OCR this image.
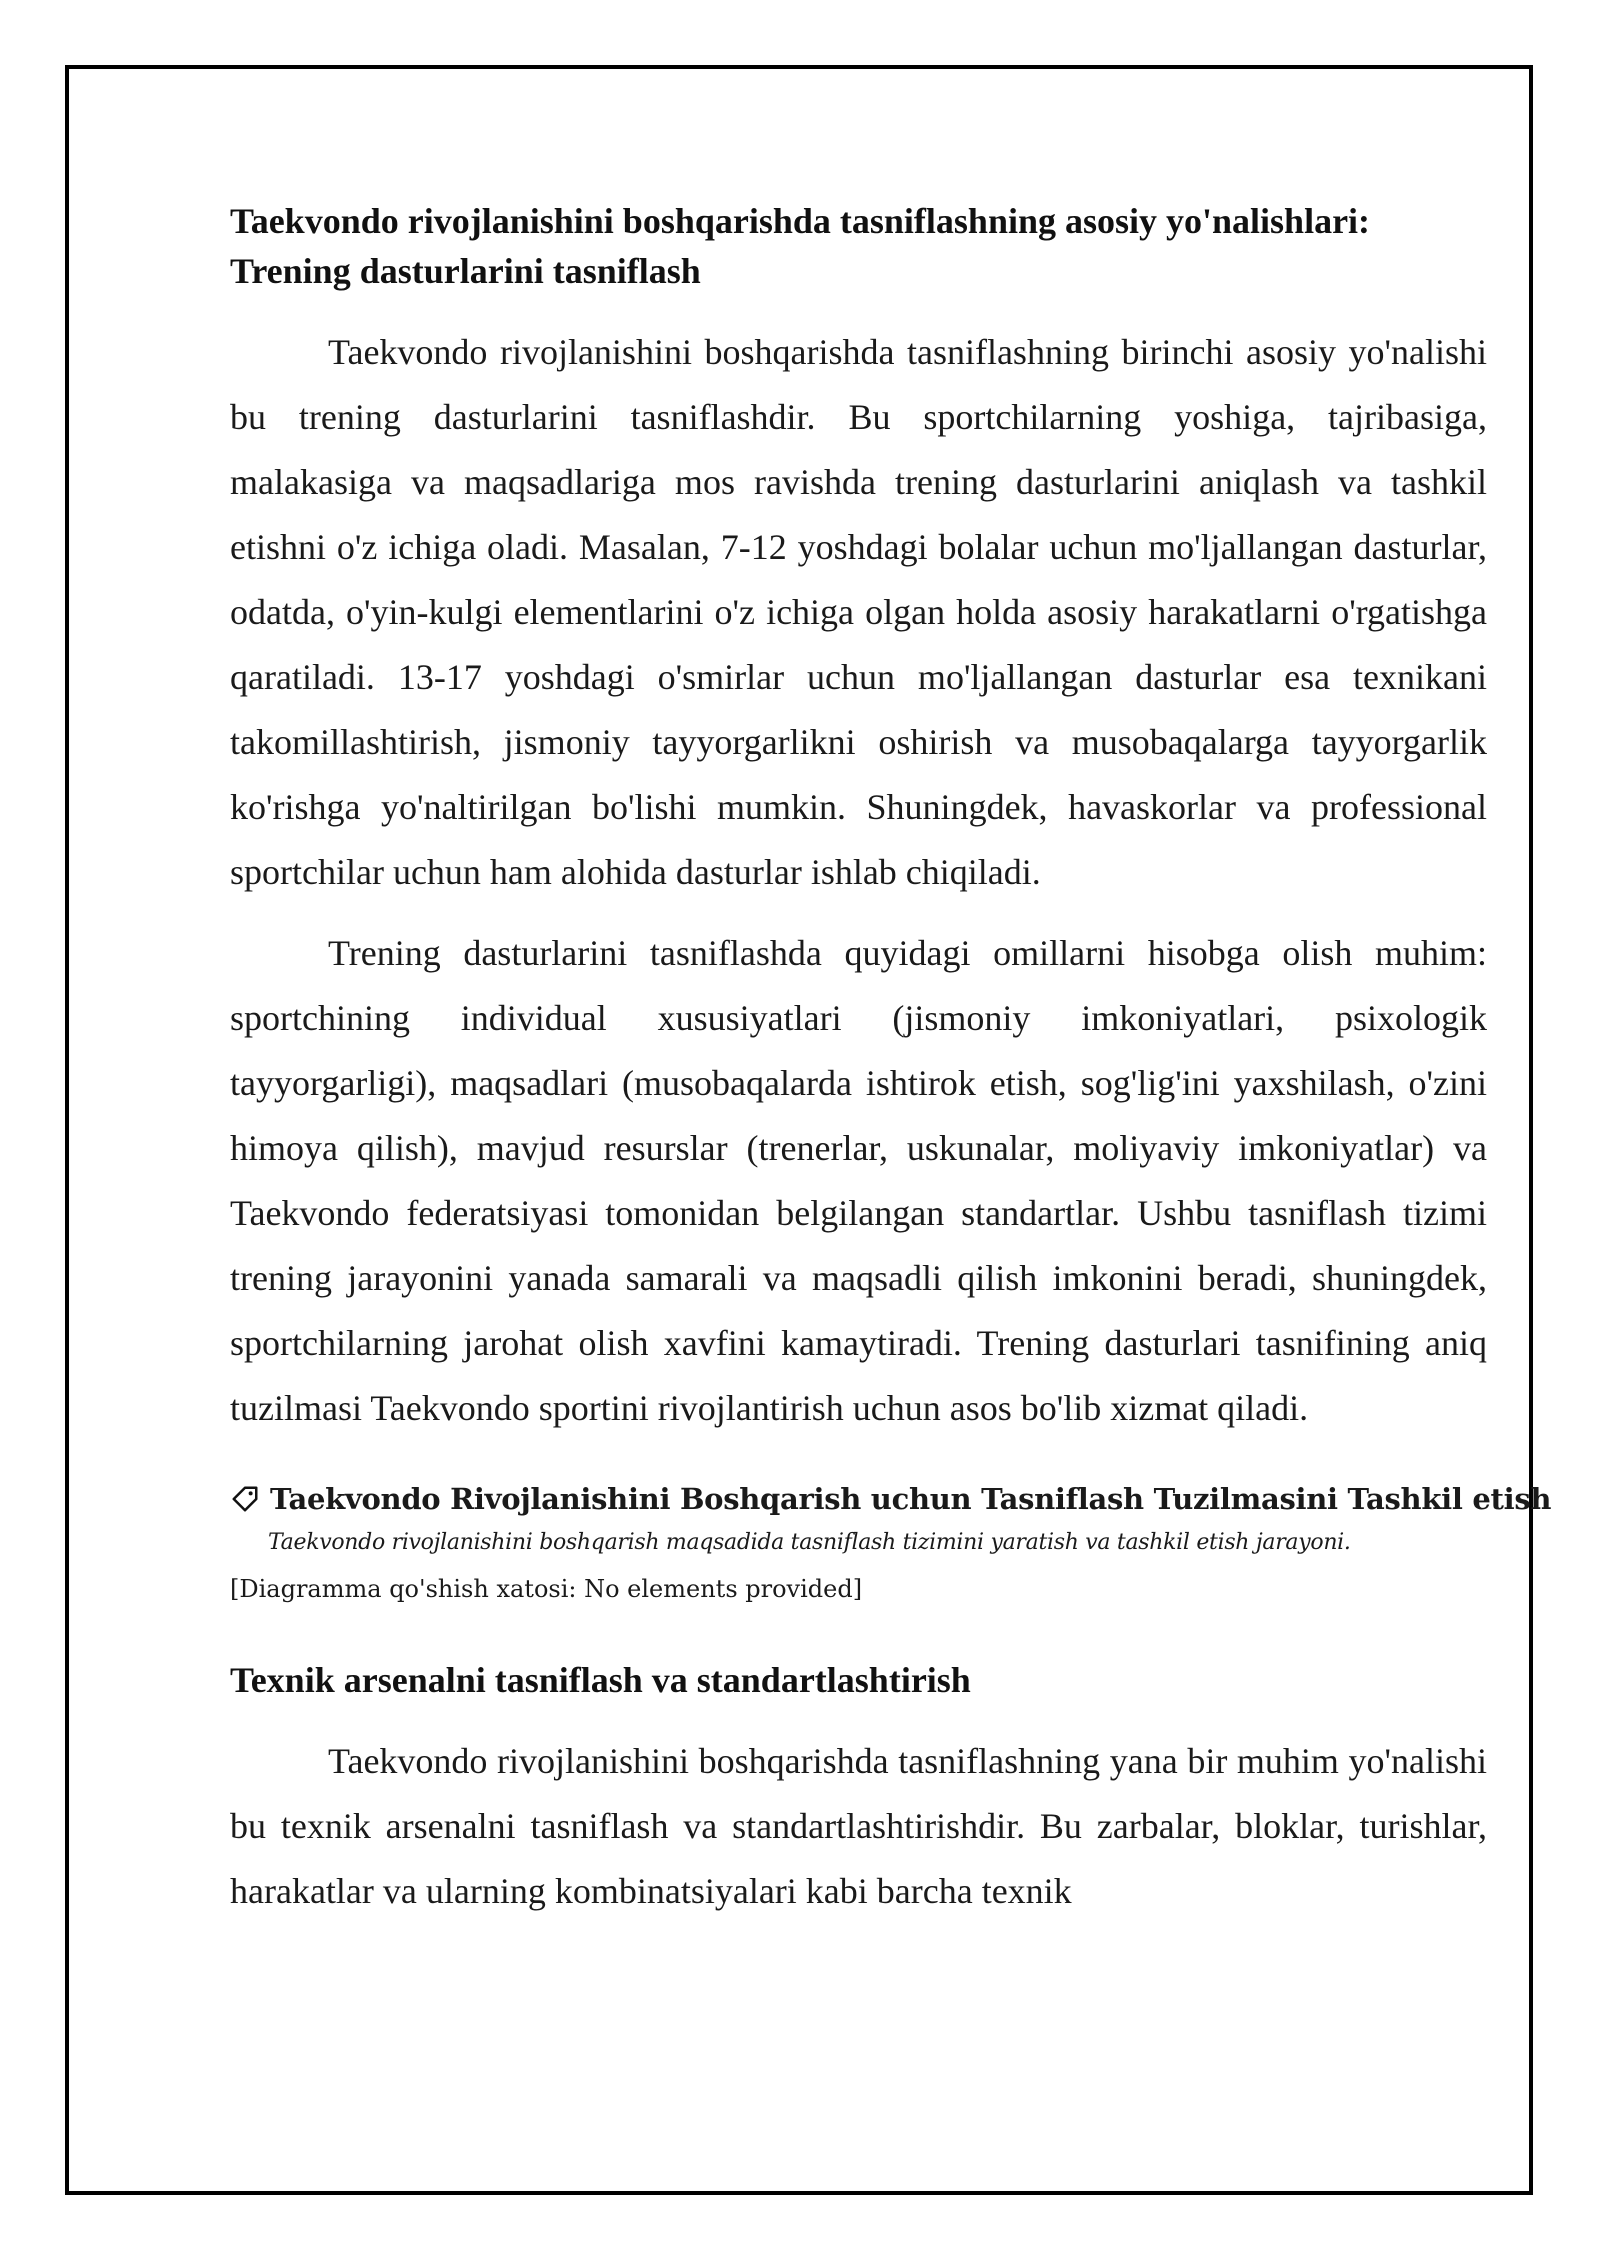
Taekvondo rivojlanishini boshqarishda tasniflashning asosiy yo'nalishlari: Trening dasturlarini tasniflash

Taekvondo rivojlanishini boshqarishda tasniflashning birinchi asosiy yo'nalishi bu trening dasturlarini tasniflashdir. Bu sportchilarning yoshiga, tajribasiga, malakasiga va maqsadlariga mos ravishda trening dasturlarini aniqlash va tashkil etishni o'z ichiga oladi. Masalan, 7-12 yoshdagi bolalar uchun mo'ljallangan dasturlar, odatda, o'yin-kulgi elementlarini o'z ichiga olgan holda asosiy harakatlarni o'rgatishga qaratiladi. 13-17 yoshdagi o'smirlar uchun mo'ljallangan dasturlar esa texnikani takomillashtirish, jismoniy tayyorgarlikni oshirish va musobaqalarga tayyorgarlik ko'rishga yo'naltirilgan bo'lishi mumkin. Shuningdek, havaskorlar va professional sportchilar uchun ham alohida dasturlar ishlab chiqiladi.

Trening dasturlarini tasniflashda quyidagi omillarni hisobga olish muhim: sportchining individual xususiyatlari (jismoniy imkoniyatlari, psixologik tayyorgarligi), maqsadlari (musobaqalarda ishtirok etish, sog'lig'ini yaxshilash, o'zini himoya qilish), mavjud resurslar (trenerlar, uskunalar, moliyaviy imkoniyatlar) va Taekvondo federatsiyasi tomonidan belgilangan standartlar. Ushbu tasniflash tizimi trening jarayonini yanada samarali va maqsadli qilish imkonini beradi, shuningdek, sportchilarning jarohat olish xavfini kamaytiradi. Trening dasturlari tasnifining aniq tuzilmasi Taekvondo sportini rivojlantirish uchun asos bo'lib xizmat qiladi.

Taekvondo Rivojlanishini Boshqarish uchun Tasniflash Tuzilmasini Tashkil etish
Taekvondo rivojlanishini boshqarish maqsadida tasniflash tizimini yaratish va tashkil etish jarayoni.
[Diagramma qo'shish xatosi: No elements provided]
Texnik arsenalni tasniflash va standartlashtirish

Taekvondo rivojlanishini boshqarishda tasniflashning yana bir muhim yo'nalishi bu texnik arsenalni tasniflash va standartlashtirishdir. Bu zarbalar, bloklar, turishlar, harakatlar va ularning kombinatsiyalari kabi barcha texnik
